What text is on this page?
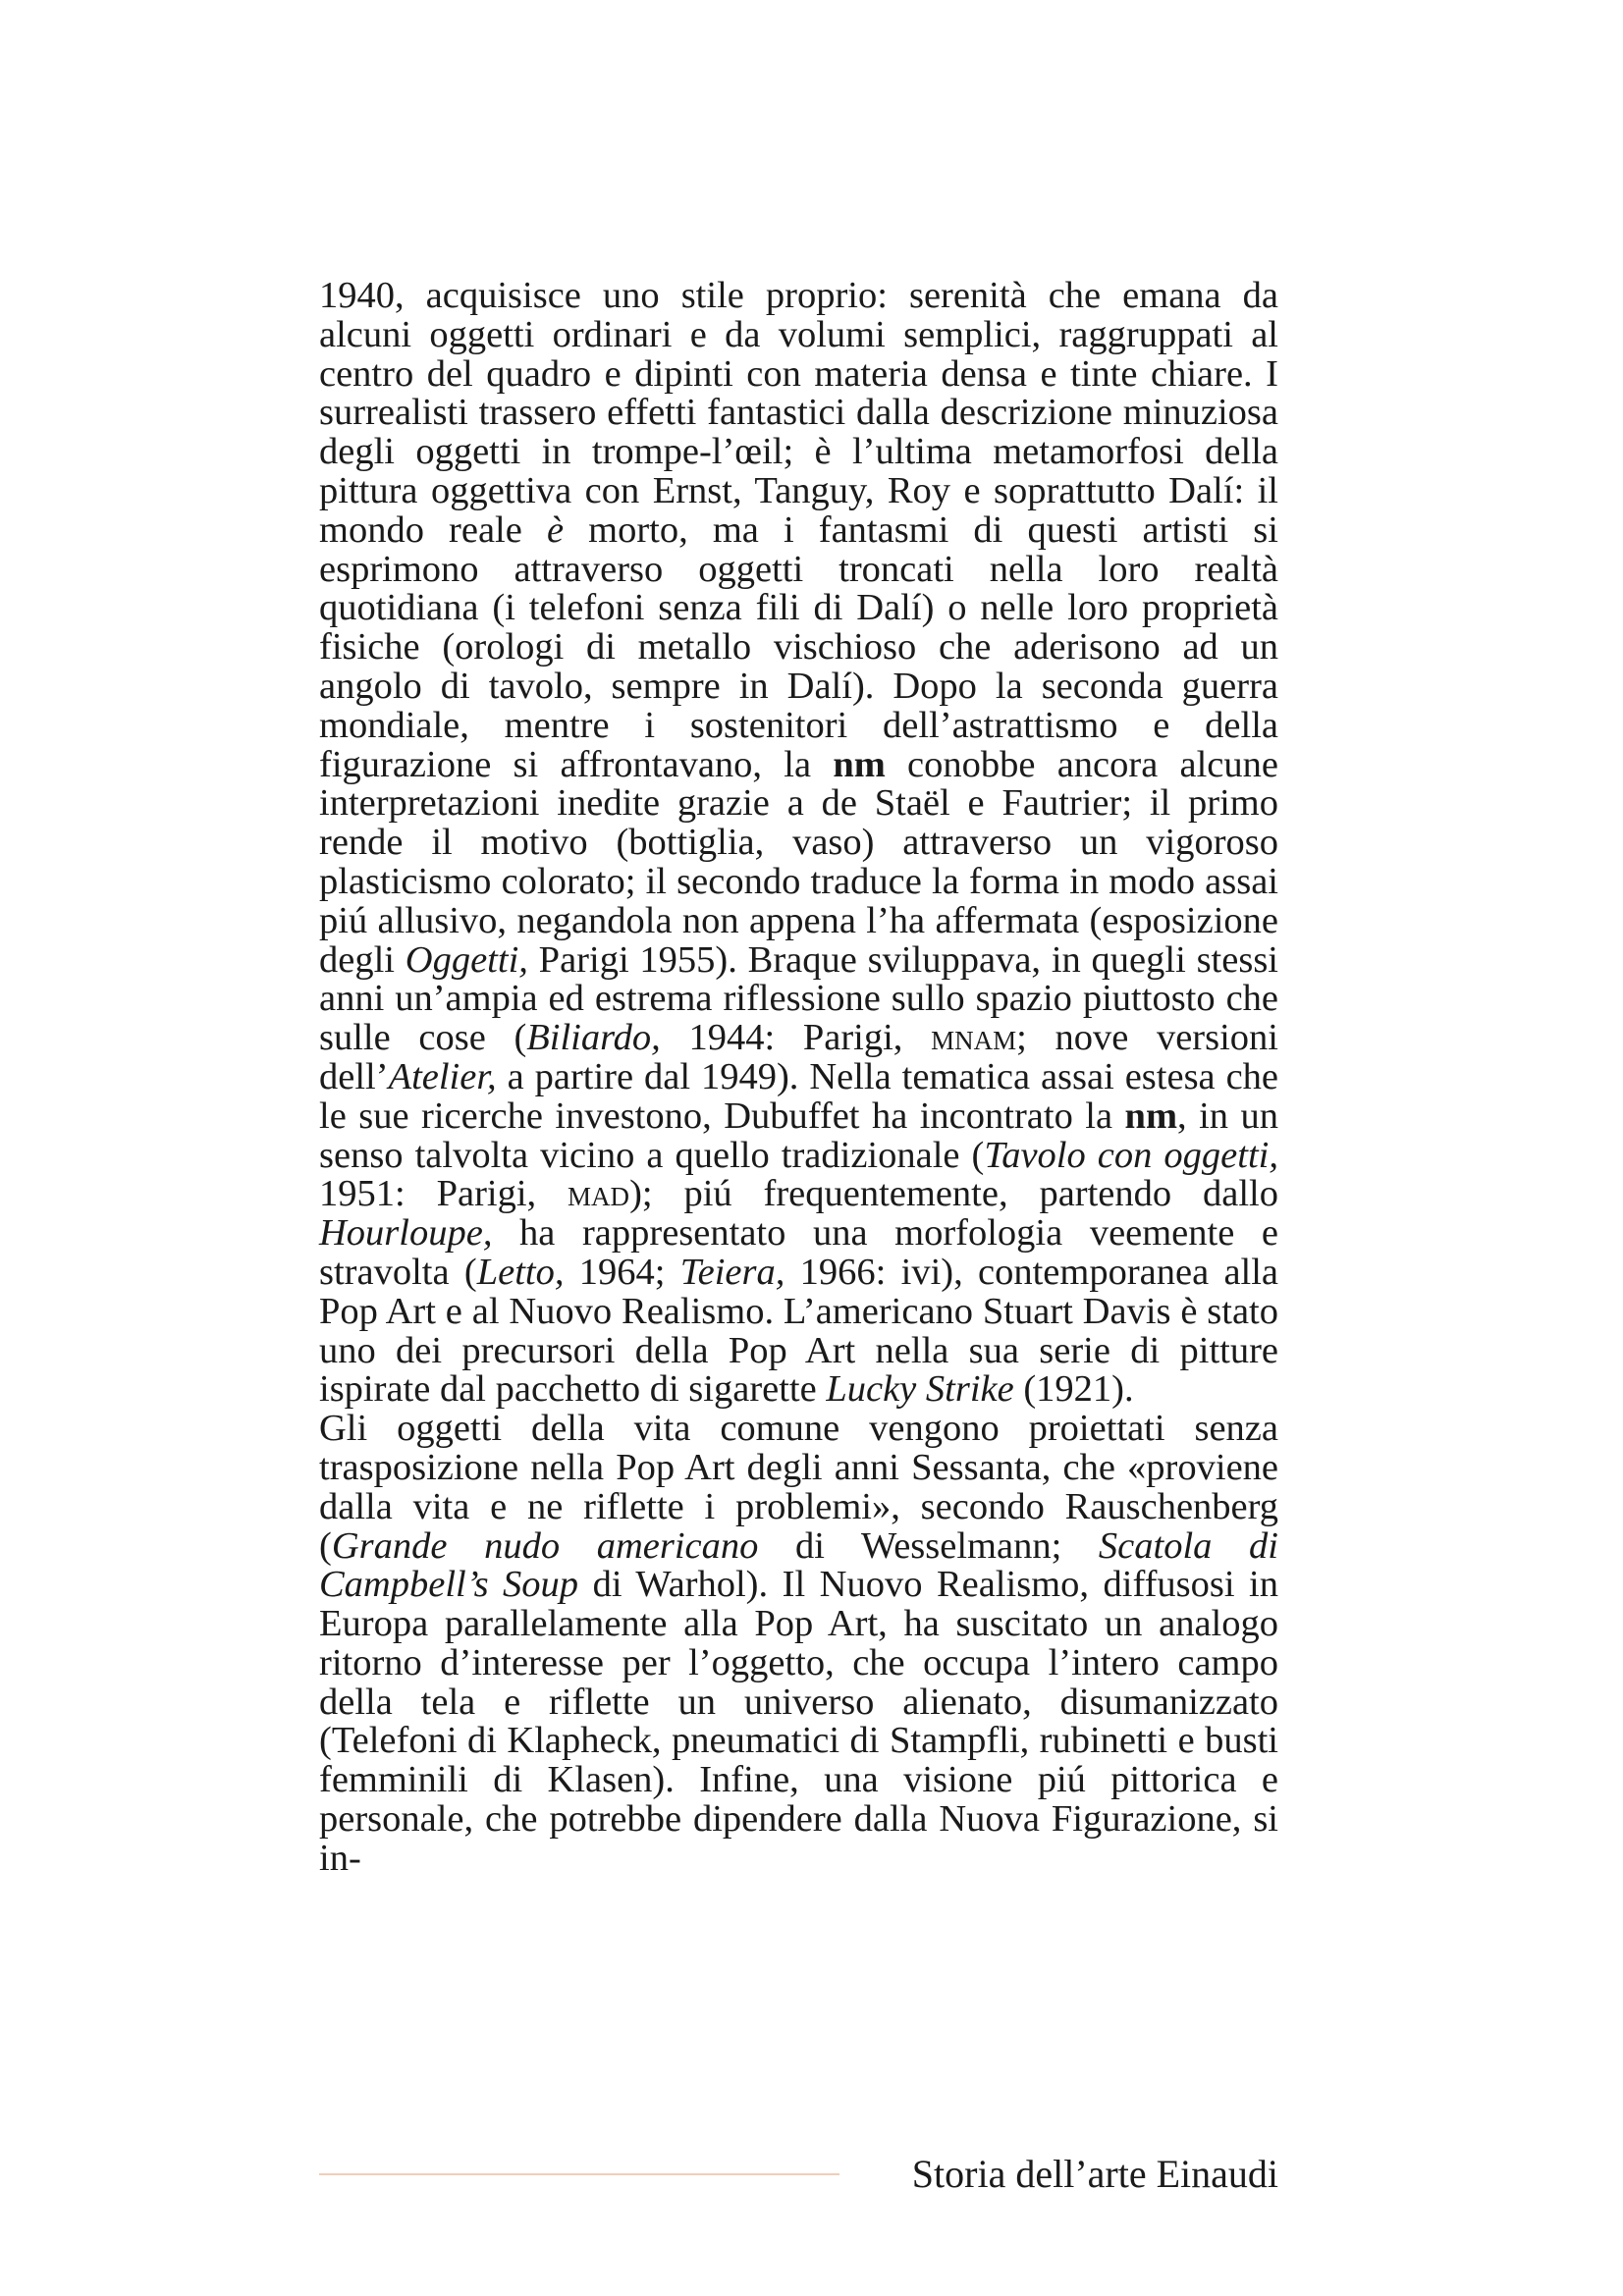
1940, acquisisce uno stile proprio: serenità che emana da alcuni oggetti ordinari e da volumi semplici, raggruppati al centro del quadro e dipinti con materia densa e tinte chiare. I surrealisti trassero effetti fantastici dalla descrizione minuziosa degli oggetti in trompe-l’œil; è l’ultima metamorfosi della pittura oggettiva con Ernst, Tanguy, Roy e soprattutto Dalí: il mondo reale è morto, ma i fantasmi di questi artisti si esprimono attraverso oggetti troncati nella loro realtà quotidiana (i telefoni senza fili di Dalí) o nelle loro proprietà fisiche (orologi di metallo vischioso che aderisono ad un angolo di tavolo, sempre in Dalí). Dopo la seconda guerra mondiale, mentre i sostenitori dell’astrattismo e della figurazione si affrontavano, la nm conobbe ancora alcune interpretazioni inedite grazie a de Staël e Fautrier; il primo rende il motivo (bottiglia, vaso) attraverso un vigoroso plasticismo colorato; il secondo traduce la forma in modo assai piú allusivo, negandola non appena l’ha affermata (esposizione degli Oggetti, Parigi 1955). Braque sviluppava, in quegli stessi anni un’ampia ed estrema riflessione sullo spazio piuttosto che sulle cose (Biliardo, 1944: Parigi, mnam; nove versioni dell’Atelier, a partire dal 1949). Nella tematica assai estesa che le sue ricerche investono, Dubuffet ha incontrato la nm, in un senso talvolta vicino a quello tradizionale (Tavolo con oggetti, 1951: Parigi, mad); piú frequentemente, partendo dallo Hourloupe, ha rappresentato una morfologia veemente e stravolta (Letto, 1964; Teiera, 1966: ivi), contemporanea alla Pop Art e al Nuovo Realismo. L’americano Stuart Davis è stato uno dei precursori della Pop Art nella sua serie di pitture ispirate dal pacchetto di sigarette Lucky Strike (1921).

Gli oggetti della vita comune vengono proiettati senza trasposizione nella Pop Art degli anni Sessanta, che «proviene dalla vita e ne riflette i problemi», secondo Rauschenberg (Grande nudo americano di Wesselmann; Scatola di Campbell’s Soup di Warhol). Il Nuovo Realismo, diffusosi in Europa parallelamente alla Pop Art, ha suscitato un analogo ritorno d’interesse per l’oggetto, che occupa l’intero campo della tela e riflette un universo alienato, disumanizzato (Telefoni di Klapheck, pneumatici di Stampfli, rubinetti e busti femminili di Klasen). Infine, una visione piú pittorica e personale, che potrebbe dipendere dalla Nuova Figurazione, si in-

Storia dell’arte Einaudi
